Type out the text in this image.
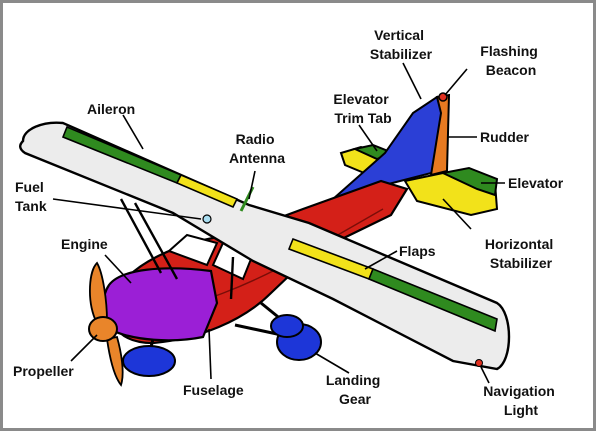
Aileron
Radio Antenna
Fuel Tank
Engine
Propeller
Fuselage
Landing Gear
Flaps
Navigation Light
Horizontal Stabilizer
Elevator
Rudder
Elevator Trim Tab
Vertical Stabilizer	Flashing Beacon
